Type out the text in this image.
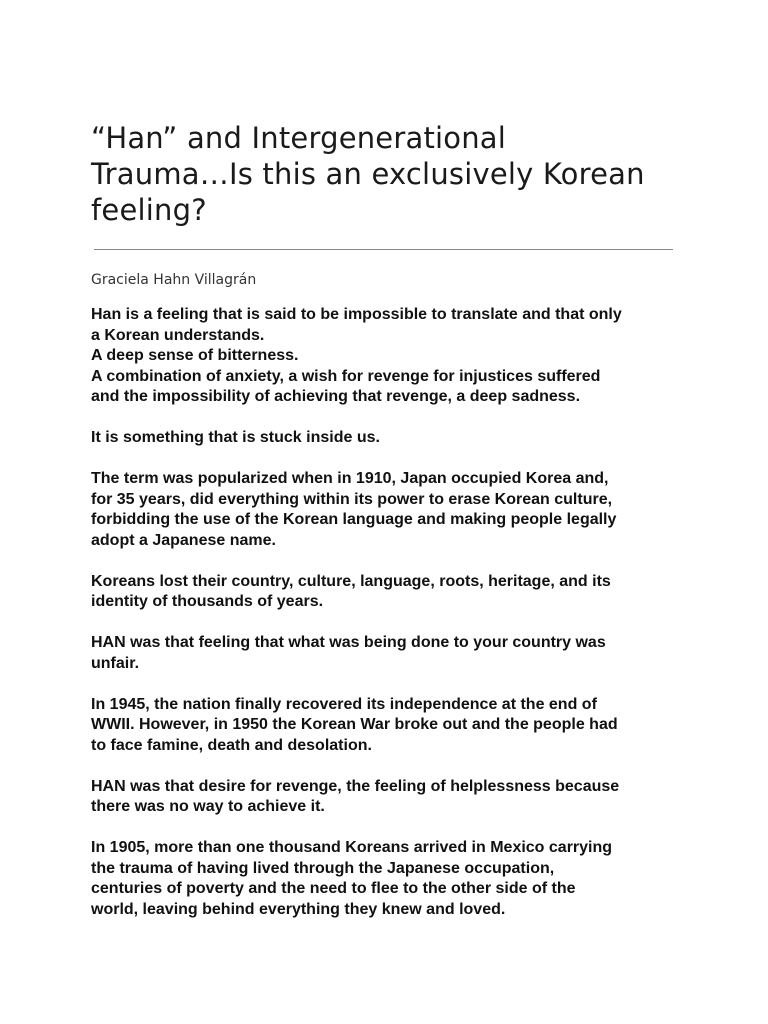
“Han” and Intergenerational
Trauma…Is this an exclusively Korean
feeling?

Graciela Hahn Villagrán

Han is a feeling that is said to be impossible to translate and that only
a Korean understands.
A deep sense of bitterness.
A combination of anxiety, a wish for revenge for injustices suffered
and the impossibility of achieving that revenge, a deep sadness.

It is something that is stuck inside us.

The term was popularized when in 1910, Japan occupied Korea and,
for 35 years, did everything within its power to erase Korean culture,
forbidding the use of the Korean language and making people legally
adopt a Japanese name.

Koreans lost their country, culture, language, roots, heritage, and its
identity of thousands of years.

HAN was that feeling that what was being done to your country was
unfair.

In 1945, the nation finally recovered its independence at the end of
WWII. However, in 1950 the Korean War broke out and the people had
to face famine, death and desolation.

HAN was that desire for revenge, the feeling of helplessness because
there was no way to achieve it.

In 1905, more than one thousand Koreans arrived in Mexico carrying
the trauma of having lived through the Japanese occupation,
centuries of poverty and the need to flee to the other side of the
world, leaving behind everything they knew and loved.
